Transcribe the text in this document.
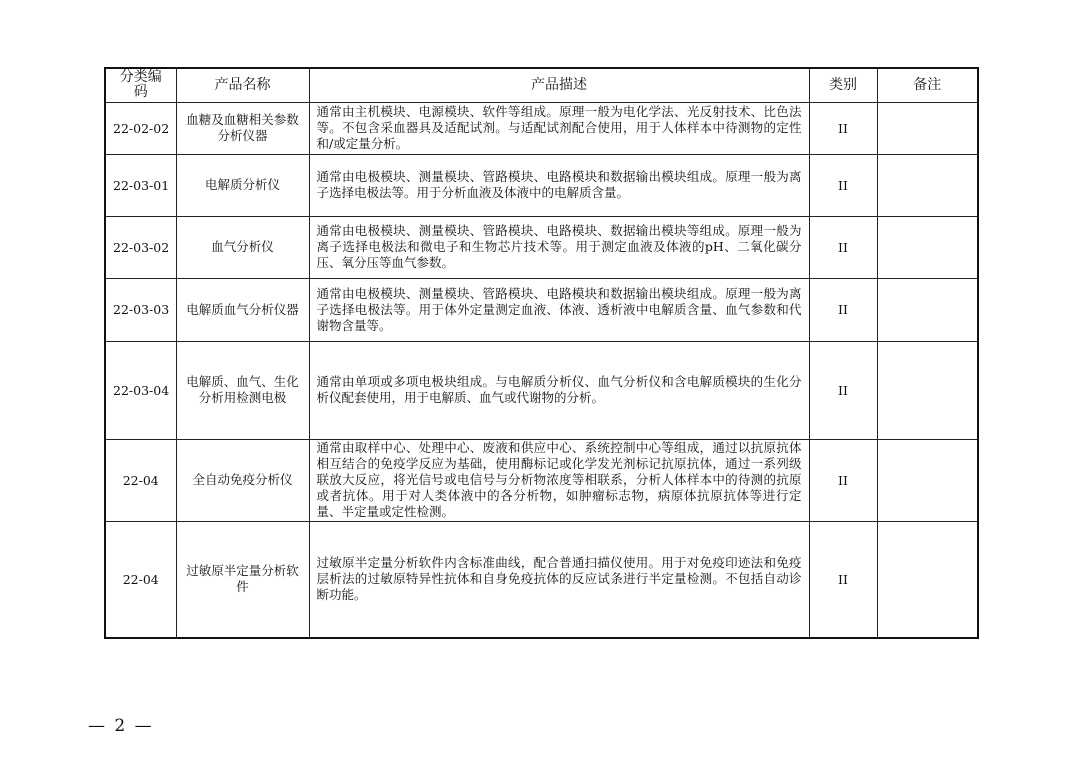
分类编码	产品名称	产品描述	类别	备注
22-02-02	血糖及血糖相关参数分析仪器	通常由主机模块、电源模块、软件等组成。原理一般为电化学法、光反射技术、比色法等。不包含采血器具及适配试剂。与适配试剂配合使用，用于人体样本中待测物的定性和/或定量分析。	II	
22-03-01	电解质分析仪	通常由电极模块、测量模块、管路模块、电路模块和数据输出模块组成。原理一般为离子选择电极法等。用于分析血液及体液中的电解质含量。	II	
22-03-02	血气分析仪	通常由电极模块、测量模块、管路模块、电路模块、数据输出模块等组成。原理一般为离子选择电极法和微电子和生物芯片技术等。用于测定血液及体液的pH、二氧化碳分压、氧分压等血气参数。	II	
22-03-03	电解质血气分析仪器	通常由电极模块、测量模块、管路模块、电路模块和数据输出模块组成。原理一般为离子选择电极法等。用于体外定量测定血液、体液、透析液中电解质含量、血气参数和代谢物含量等。	II	
22-03-04	电解质、血气、生化分析用检测电极	通常由单项或多项电极块组成。与电解质分析仪、血气分析仪和含电解质模块的生化分析仪配套使用，用于电解质、血气或代谢物的分析。	II	
22-04	全自动免疫分析仪	通常由取样中心、处理中心、废液和供应中心、系统控制中心等组成，通过以抗原抗体相互结合的免疫学反应为基础，使用酶标记或化学发光剂标记抗原抗体，通过一系列级联放大反应，将光信号或电信号与分析物浓度等相联系，分析人体样本中的待测的抗原或者抗体。用于对人类体液中的各分析物，如肿瘤标志物，病原体抗原抗体等进行定量、半定量或定性检测。	II	
22-04	过敏原半定量分析软件	过敏原半定量分析软件内含标准曲线，配合普通扫描仪使用。用于对免疫印迹法和免疫层析法的过敏原特异性抗体和自身免疫抗体的反应试条进行半定量检测。不包括自动诊断功能。	II	
— 2 —
